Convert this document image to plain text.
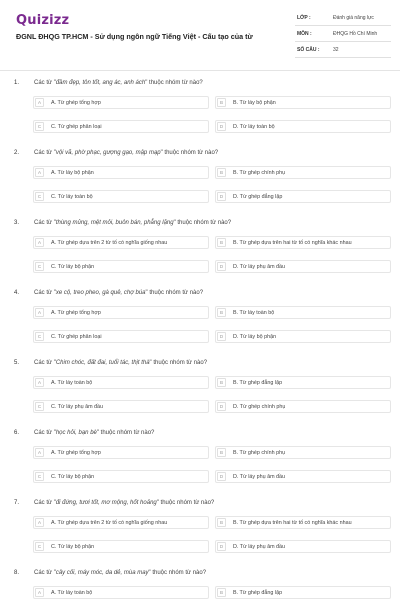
Quizizz
ĐGNL ĐHQG TP.HCM - Sử dụng ngôn ngữ Tiếng Việt - Cấu tạo của từ
LỚP :	Đánh giá năng lực
MÔN :	ĐHQG Hồ Chí Minh
SỐ CÂU :	32
1. Các từ "đầm đẹp, tôn tốt, ang ác, anh ách" thuộc nhóm từ nào?
A	A. Từ ghép tổng hợp	B	B. Từ láy bộ phận
C	C. Từ ghép phân loại	D	D. Từ láy toàn bộ
2. Các từ "vội vã, phờ phạc, gượng gạo, mập mạp" thuộc nhóm từ nào?
A	A. Từ láy bộ phận	B	B. Từ ghép chính phụ
C	C. Từ láy toàn bộ	D	D. Từ ghép đẳng lập
3. Các từ "thùng mủng, mệt mỏi, buôn bán, phẳng lặng" thuộc nhóm từ nào?
A	A. Từ ghép dựa trên 2 từ tố có nghĩa giống nhau	B	B. Từ ghép dựa trên hai từ tố có nghĩa khác nhau
C	C. Từ láy bộ phận	D	D. Từ láy phụ âm đầu
4. Các từ "xe cộ, treo pheo, gà quê, chợ búa" thuộc nhóm từ nào?
A	A. Từ ghép tổng hợp	B	B. Từ láy toàn bộ
C	C. Từ ghép phân loại	D	D. Từ láy bộ phận
5. Các từ "Chim chóc, đất đai, tuổi tác, thịt thà" thuộc nhóm từ nào?
A	A. Từ láy toàn bộ	B	B. Từ ghép đẳng lập
C	C. Từ láy phụ âm đầu	D	D. Từ ghép chính phụ
6. Các từ "học hỏi, bạn bè" thuộc nhóm từ nào?
A	A. Từ ghép tổng hợp	B	B. Từ ghép chính phụ
C	C. Từ láy bộ phận	D	D. Từ láy phụ âm đầu
7. Các từ "đi đứng, tươi tốt, mơ mộng, hốt hoảng" thuộc nhóm từ nào?
A	A. Từ ghép dựa trên 2 từ tố có nghĩa giống nhau	B	B. Từ ghép dựa trên hai từ tố có nghĩa khác nhau
C	C. Từ láy bộ phận	D	D. Từ láy phụ âm đầu
8. Các từ "cây cối, máy móc, da dẻ, mùa may" thuộc nhóm từ nào?
A	A. Từ láy toàn bộ	B	B. Từ ghép đẳng lập
